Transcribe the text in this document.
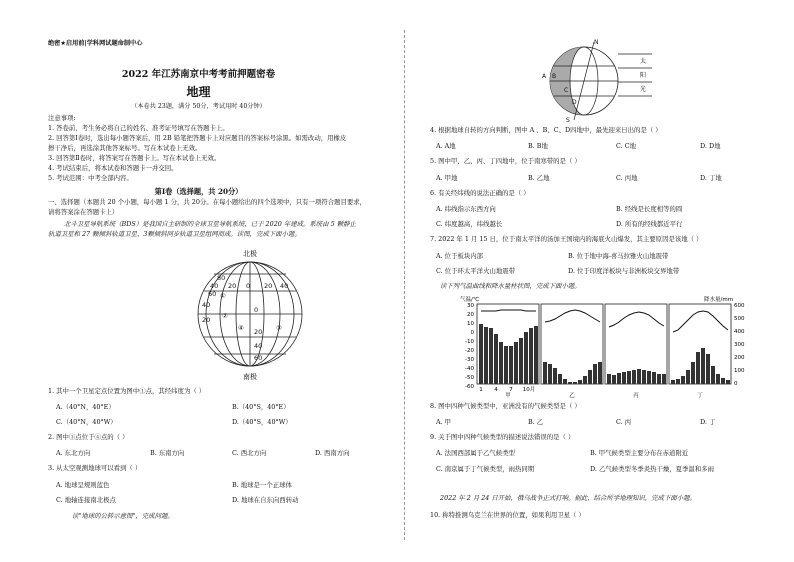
绝密★启用前|学科网试题命制中心
2022 年江苏南京中考考前押题密卷
地理
（本卷共 23题，满分 50分，考试用时 40分钟）
注意事项:
1. 答卷前，考生务必将自己的姓名、准考证号填写在答题卡上。
2. 回答第Ⅰ卷时，选出每小题答案后，用 2B 铅笔把答题卡上对应题目的答案标号涂黑。如需改动，用橡皮
擦干净后，再选涂其他答案标号。写在本试卷上无效。
3. 回答第Ⅱ卷时，将答案写在答题卡上。写在本试卷上无效。
4. 考试结束后，将本试卷和答题卡一并交回。
5. 考试范围：中考全部内容。
第Ⅰ卷（选择题，共 20分）
一、选择题（本题共 20 个小题，每小题 1 分，共 20分。在每小题给出的四个选项中，只有一项符合题目要求，
请将答案涂在答题卡上）
北斗卫星导航系统（BDS）是我国自主研制的全球卫星导航系统，已于 2020 年建成。系统由 5 颗静止
轨道卫星和 27 颗倾斜轨道卫星、3颗倾斜同步轨道卫星组网而成。读图，完成下面小题。
北极
南极
80
60
40
20
0
20
40
60
40 20 0 20 40
①
②
③
④
1. 其中一个卫星定点位置为图中①点，其经纬度为（ ）
A.（40°N，40°E）	B.（40°S，40°E）
C.（40°N，40°W）	D.（40°S，40°W）
2. 图中③点位于④点的（ ）
A. 东北方向	B. 东南方向	C. 西北方向	D. 西南方向
3. 从太空观测地球可以看到（ ）
A. 地球呈规则蓝色	B. 地球是一个正球体
C. 地轴连接南北极点	D. 地球在自东向西转动
读"地球的公转示意图"，完成问题。
N
S
A B
C
D
太
阳
光
4. 根据地球自转的方向判断，图中 A 、B、C、D四地中，最先迎来日出的是（ ）
A. A地	B. B地	C. C地	D. D地
5. 图中甲、乙、丙、丁四地中，位于南寒带的是（ ）
A. 甲地	B. 乙地	C. 丙地	D. 丁地
6. 有关经纬线的说法正确的是（ ）
A. 纬线指示东西方向	B. 经线是长度相等的圆
C. 纬度越高，纬线越长	D. 所有的经线都近平行
7. 2022 年 1 月 15 日，位于南太平洋的汤加王国境内的海底火山爆发，其主要原因是该地（ ）
A. 位于板块内部	B. 位于地中海-喜马拉雅火山地震带
C. 位于环太平洋火山地震带	D. 位于印度洋板块与非洲板块交界地带
读下列气温曲线和降水量柱状图，完成下面小题。
气温/℃	降水量/mm
30
20
10
0
-10
-20
-30
-40
-50
-60
600
500
400
300
200
100
0
1 4 7 10月
甲	乙	丙	丁
8. 图中四种气候类型中，亚洲没有的气候类型是（ ）
A. 甲	B. 乙	C. 丙	D. 丁
9. 关于图中四种气候类型的描述说法错误的是（ ）
A. 法国西部属于乙气候类型	B. 甲气候类型主要分布在赤道附近
C. 南京属于丁气候类型，雨热同期	D. 乙气候类型冬季炎热干燥，夏季温和多雨
2022 年 2 月 24 日开始，俄乌战争正式打响。据此，结合所学地理知识，完成下面小题。
10. 称特推测乌克兰在世界的位置，如果利用卫星（ ）
